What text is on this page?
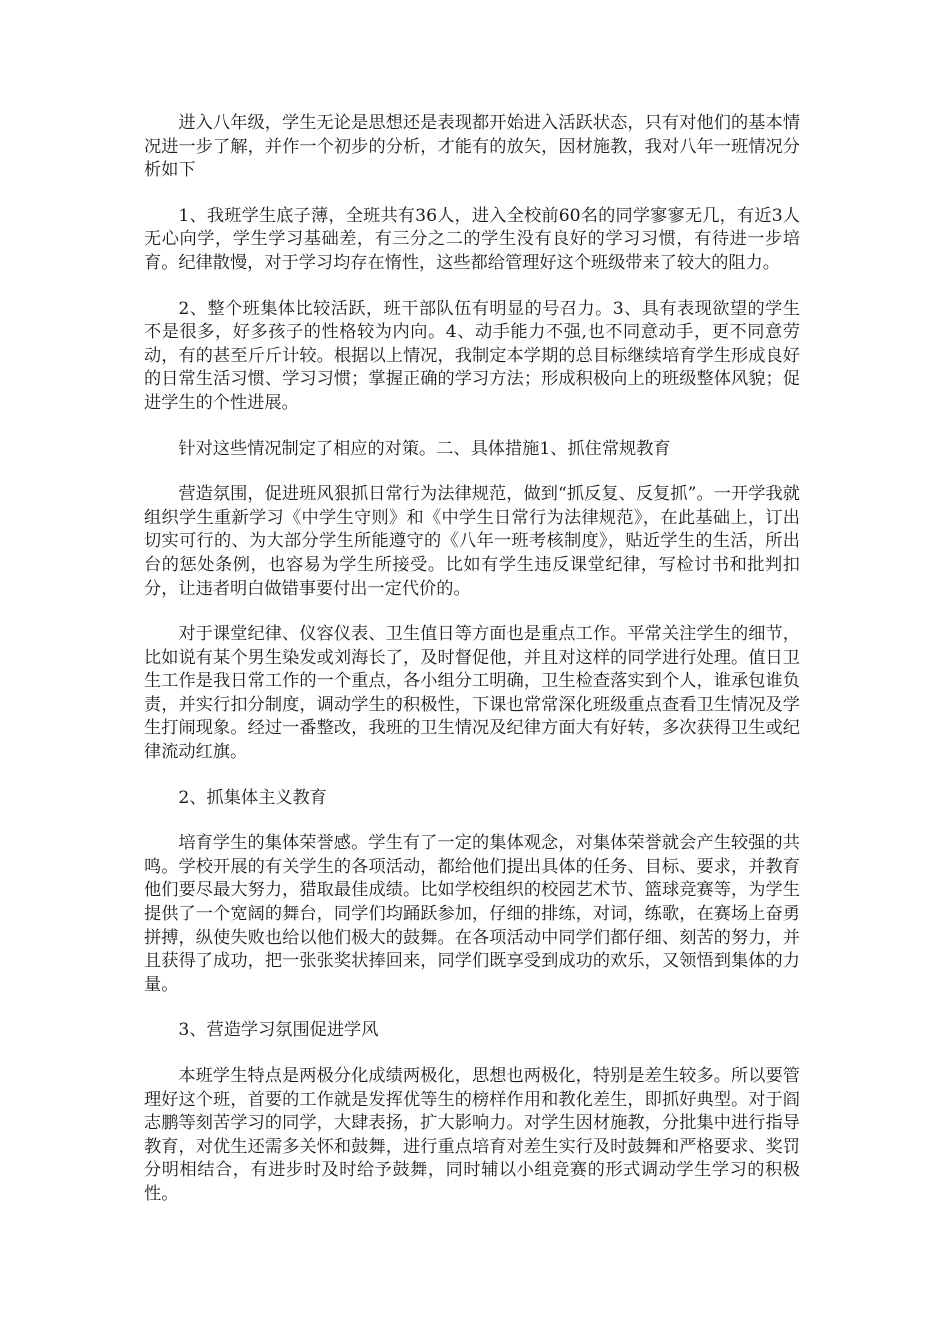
进入八年级，学生无论是思想还是表现都开始进入活跃状态，只有对他们的基本情况进一步了解，并作一个初步的分析，才能有的放矢，因材施教，我对八年一班情况分析如下

1、我班学生底子薄，全班共有36人，进入全校前60名的同学寥寥无几，有近3人无心向学，学生学习基础差，有三分之二的学生没有良好的学习习惯，有待进一步培育。纪律散慢，对于学习均存在惰性，这些都给管理好这个班级带来了较大的阻力。

2、整个班集体比较活跃，班干部队伍有明显的号召力。3、具有表现欲望的学生不是很多，好多孩子的性格较为内向。4、动手能力不强,也不同意动手，更不同意劳动，有的甚至斤斤计较。根据以上情况，我制定本学期的总目标继续培育学生形成良好的日常生活习惯、学习习惯；掌握正确的学习方法；形成积极向上的班级整体风貌；促进学生的个性进展。

针对这些情况制定了相应的对策。二、具体措施1、抓住常规教育

营造氛围，促进班风狠抓日常行为法律规范，做到“抓反复、反复抓”。一开学我就组织学生重新学习《中学生守则》和《中学生日常行为法律规范》，在此基础上，订出切实可行的、为大部分学生所能遵守的《八年一班考核制度》，贴近学生的生活，所出台的惩处条例，也容易为学生所接受。比如有学生违反课堂纪律，写检讨书和批判扣分，让违者明白做错事要付出一定代价的。

对于课堂纪律、仪容仪表、卫生值日等方面也是重点工作。平常关注学生的细节，比如说有某个男生染发或刘海长了，及时督促他，并且对这样的同学进行处理。值日卫生工作是我日常工作的一个重点，各小组分工明确，卫生检查落实到个人，谁承包谁负责，并实行扣分制度，调动学生的积极性，下课也常常深化班级重点查看卫生情况及学生打闹现象。经过一番整改，我班的卫生情况及纪律方面大有好转，多次获得卫生或纪律流动红旗。

2、抓集体主义教育

培育学生的集体荣誉感。学生有了一定的集体观念，对集体荣誉就会产生较强的共鸣。学校开展的有关学生的各项活动，都给他们提出具体的任务、目标、要求，并教育他们要尽最大努力，猎取最佳成绩。比如学校组织的校园艺术节、篮球竞赛等，为学生提供了一个宽阔的舞台，同学们均踊跃参加，仔细的排练，对词，练歌，在赛场上奋勇拼搏，纵使失败也给以他们极大的鼓舞。在各项活动中同学们都仔细、刻苦的努力，并且获得了成功，把一张张奖状捧回来，同学们既享受到成功的欢乐，又领悟到集体的力量。

3、营造学习氛围促进学风

本班学生特点是两极分化成绩两极化，思想也两极化，特别是差生较多。所以要管理好这个班，首要的工作就是发挥优等生的榜样作用和教化差生，即抓好典型。对于阎志鹏等刻苦学习的同学，大肆表扬，扩大影响力。对学生因材施教，分批集中进行指导教育，对优生还需多关怀和鼓舞，进行重点培育对差生实行及时鼓舞和严格要求、奖罚分明相结合，有进步时及时给予鼓舞，同时辅以小组竞赛的形式调动学生学习的积极性。
